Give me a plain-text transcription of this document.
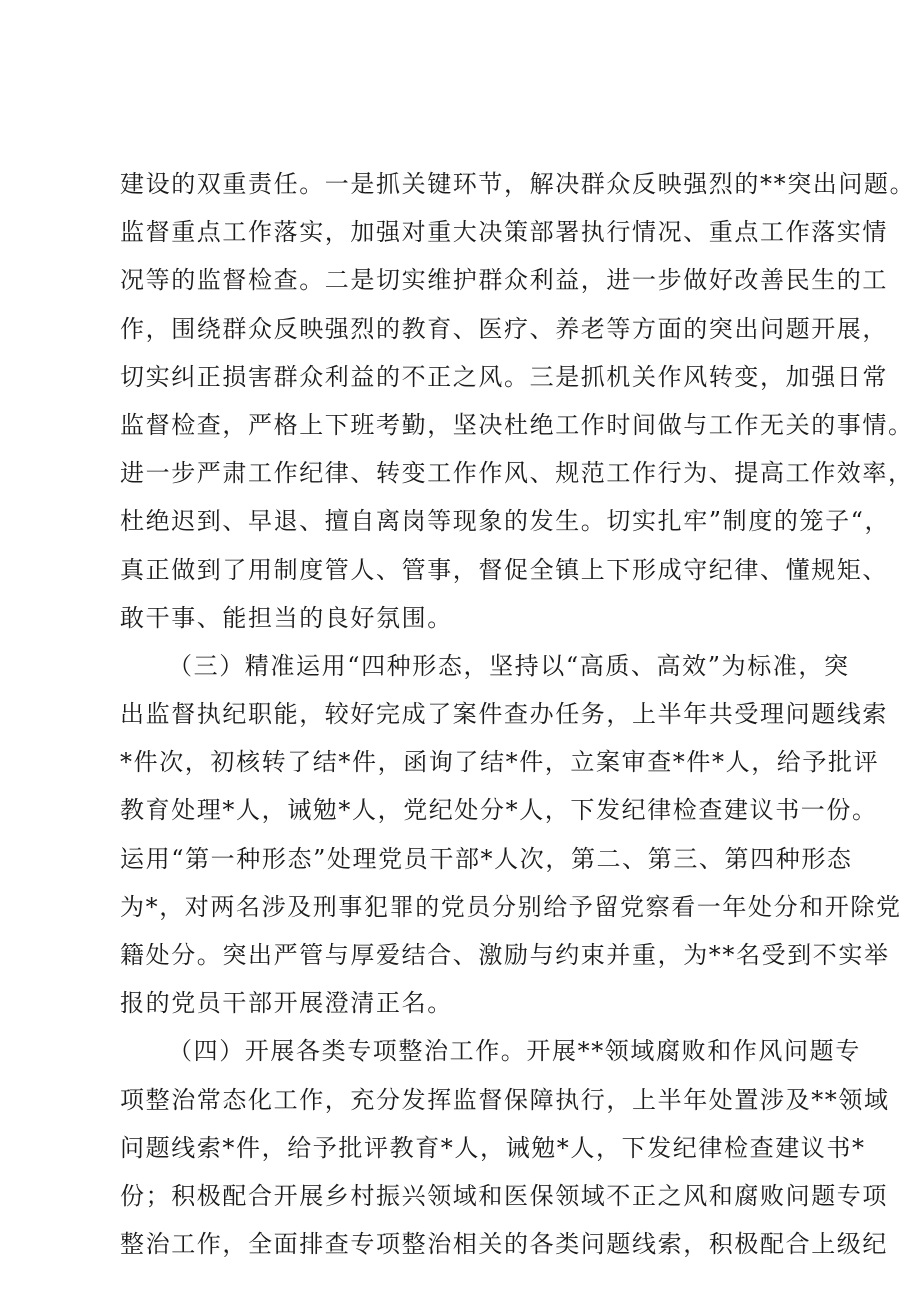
建设的双重责任。一是抓关键环节，解决群众反映强烈的**突出问题。
监督重点工作落实，加强对重大决策部署执行情况、重点工作落实情
况等的监督检查。二是切实维护群众利益，进一步做好改善民生的工
作，围绕群众反映强烈的教育、医疗、养老等方面的突出问题开展，
切实纠正损害群众利益的不正之风。三是抓机关作风转变，加强日常
监督检查，严格上下班考勤，坚决杜绝工作时间做与工作无关的事情。
进一步严肃工作纪律、转变工作作风、规范工作行为、提高工作效率，
杜绝迟到、早退、擅自离岗等现象的发生。切实扎牢”制度的笼子“，
真正做到了用制度管人、管事，督促全镇上下形成守纪律、懂规矩、
敢干事、能担当的良好氛围。
（三）精准运用“四种形态，坚持以“高质、高效”为标准，突
出监督执纪职能，较好完成了案件查办任务，上半年共受理问题线索
*件次，初核转了结*件，函询了结*件，立案审查*件*人，给予批评
教育处理*人，诫勉*人，党纪处分*人，下发纪律检查建议书一份。
运用“第一种形态”处理党员干部*人次，第二、第三、第四种形态
为*，对两名涉及刑事犯罪的党员分别给予留党察看一年处分和开除党
籍处分。突出严管与厚爱结合、激励与约束并重，为**名受到不实举
报的党员干部开展澄清正名。
（四）开展各类专项整治工作。开展**领域腐败和作风问题专
项整治常态化工作，充分发挥监督保障执行，上半年处置涉及**领域
问题线索*件，给予批评教育*人，诫勉*人，下发纪律检查建议书*
份；积极配合开展乡村振兴领域和医保领域不正之风和腐败问题专项
整治工作，全面排查专项整治相关的各类问题线索，积极配合上级纪
